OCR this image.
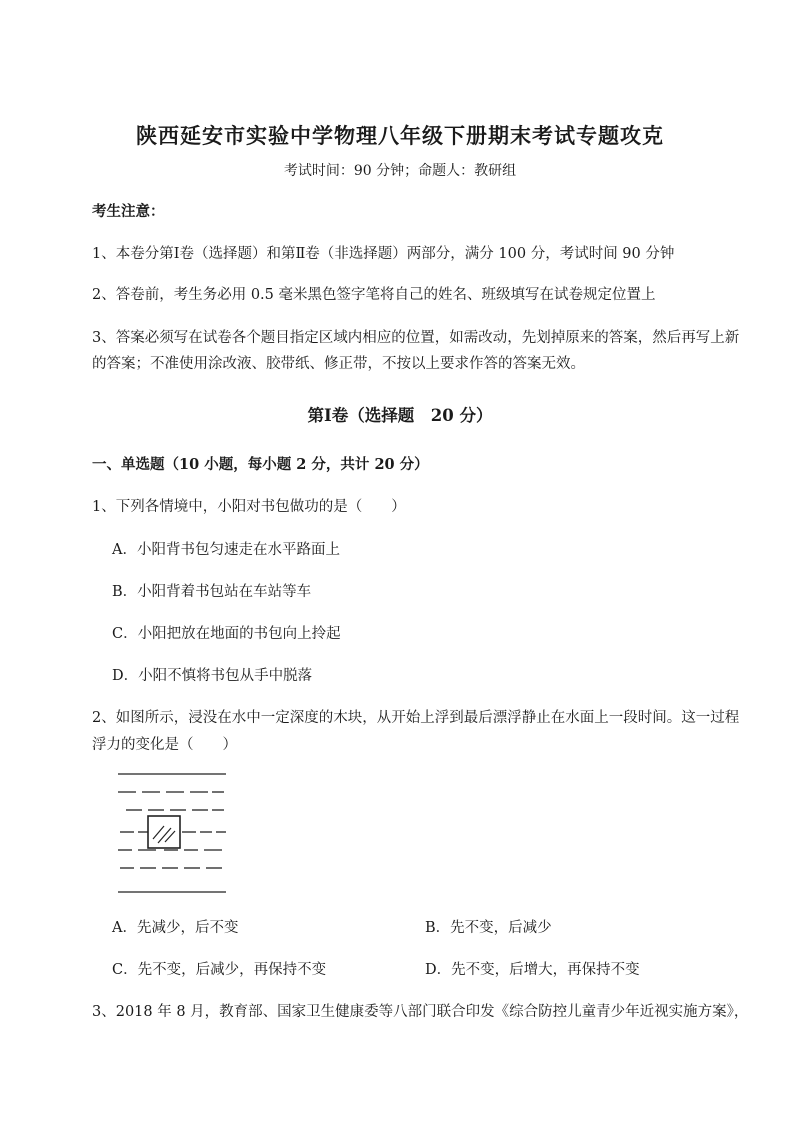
陕西延安市实验中学物理八年级下册期末考试专题攻克
考试时间：90 分钟；命题人：教研组
考生注意：
1、本卷分第Ⅰ卷（选择题）和第Ⅱ卷（非选择题）两部分，满分 100 分，考试时间 90 分钟
2、答卷前，考生务必用 0.5 毫米黑色签字笔将自己的姓名、班级填写在试卷规定位置上
3、答案必须写在试卷各个题目指定区域内相应的位置，如需改动，先划掉原来的答案，然后再写上新
的答案；不准使用涂改液、胶带纸、修正带，不按以上要求作答的答案无效。
第Ⅰ卷（选择题　20 分）
一、单选题（10 小题，每小题 2 分，共计 20 分）
1、下列各情境中，小阳对书包做功的是（　　）
A．小阳背书包匀速走在水平路面上
B．小阳背着书包站在车站等车
C．小阳把放在地面的书包向上拎起
D．小阳不慎将书包从手中脱落
2、如图所示，浸没在水中一定深度的木块，从开始上浮到最后漂浮静止在水面上一段时间。这一过程
浮力的变化是（　　）
A．先减少，后不变	B．先不变，后减少
C．先不变，后减少，再保持不变	D．先不变，后增大，再保持不变
3、2018 年 8 月，教育部、国家卫生健康委等八部门联合印发《综合防控儿童青少年近视实施方案》，
